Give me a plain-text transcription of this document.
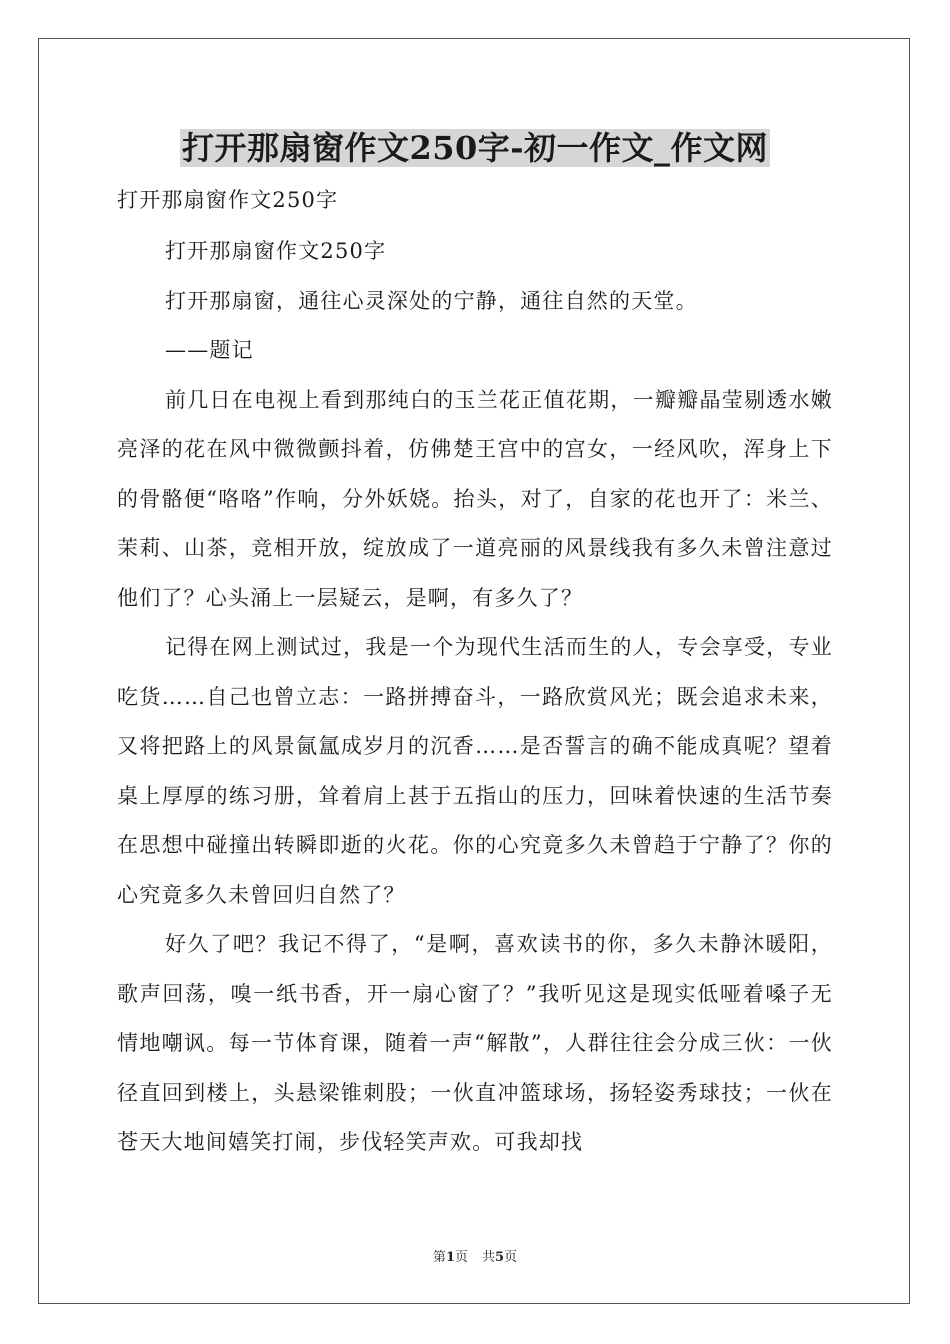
打开那扇窗作文250字-初一作文_作文网

打开那扇窗作文250字

打开那扇窗作文250字

打开那扇窗，通往心灵深处的宁静，通往自然的天堂。

——题记

前几日在电视上看到那纯白的玉兰花正值花期，一瓣瓣晶莹剔透水嫩亮泽的花在风中微微颤抖着，仿佛楚王宫中的宫女，一经风吹，浑身上下的骨骼便“咯咯”作响，分外妖娆。抬头，对了，自家的花也开了：米兰、茉莉、山茶，竞相开放，绽放成了一道亮丽的风景线我有多久未曾注意过他们了？心头涌上一层疑云，是啊，有多久了？

记得在网上测试过，我是一个为现代生活而生的人，专会享受，专业吃货……自己也曾立志：一路拼搏奋斗，一路欣赏风光；既会追求未来，又将把路上的风景氤氲成岁月的沉香……是否誓言的确不能成真呢？望着桌上厚厚的练习册，耸着肩上甚于五指山的压力，回味着快速的生活节奏在思想中碰撞出转瞬即逝的火花。你的心究竟多久未曾趋于宁静了？你的心究竟多久未曾回归自然了？

好久了吧？我记不得了，“是啊，喜欢读书的你，多久未静沐暖阳，歌声回荡，嗅一纸书香，开一扇心窗了？”我听见这是现实低哑着嗓子无情地嘲讽。每一节体育课，随着一声“解散”，人群往往会分成三伙：一伙径直回到楼上，头悬梁锥刺股；一伙直冲篮球场，扬轻姿秀球技；一伙在苍天大地间嬉笑打闹，步伐轻笑声欢。可我却找

第1页 共5页
